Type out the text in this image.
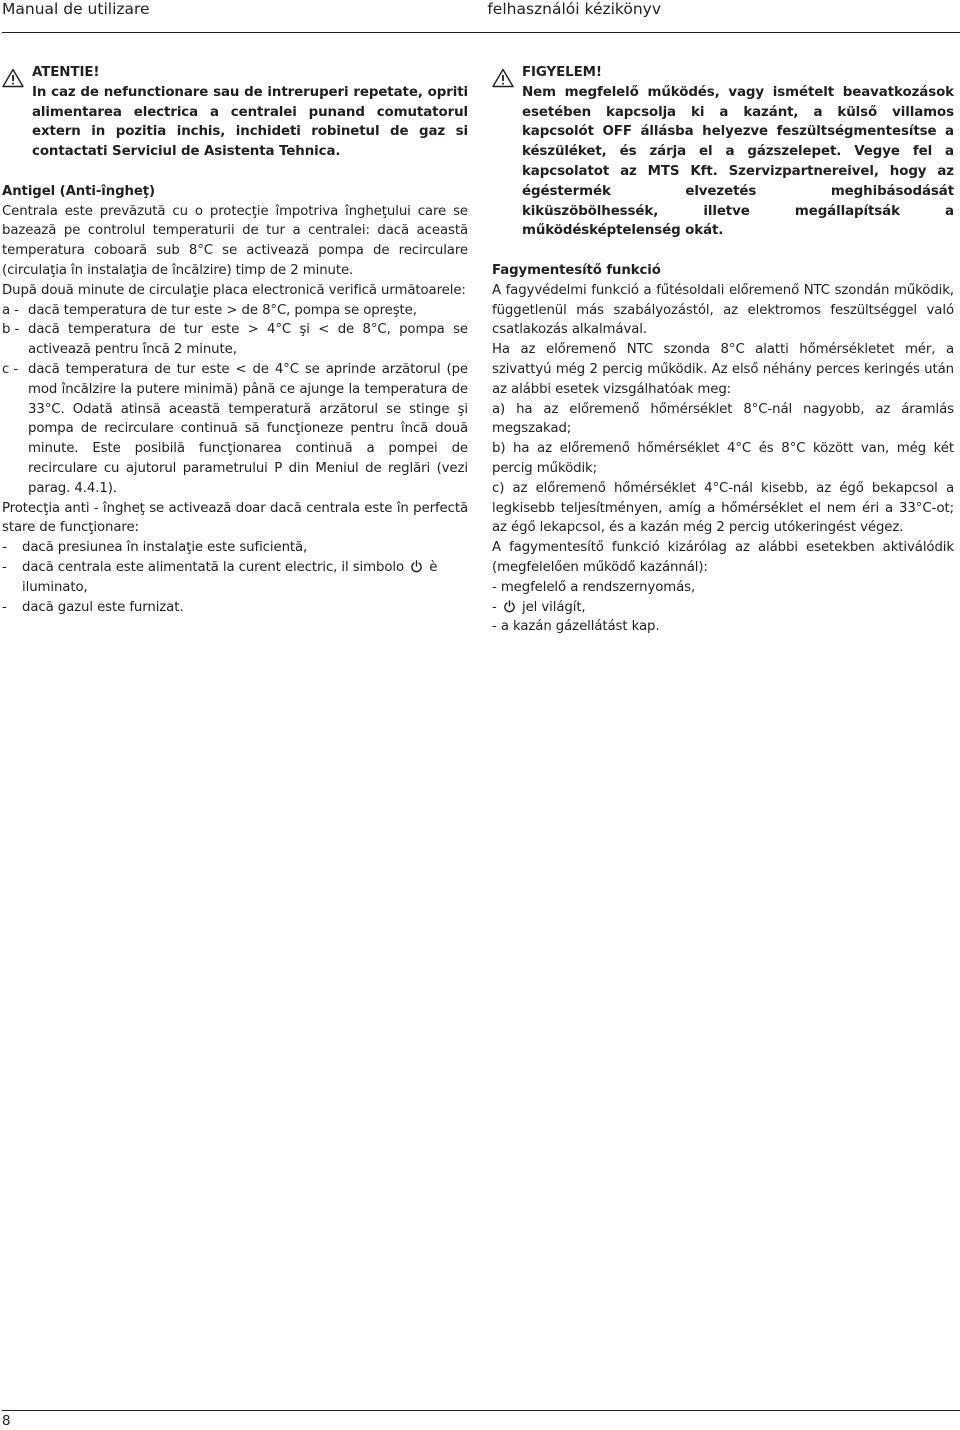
Manual de utilizare	felhasználói kézikönyv
ATENTIE!
In caz de nefunctionare sau de intreruperi repetate, opriti alimentarea electrica a centralei punand comutatorul extern in pozitia inchis, inchideti robinetul de gaz si contactati Serviciul de Asistenta Tehnica.
Antigel (Anti-îngheţ)

Centrala este prevăzută cu o protecţie împotriva îngheţului care se bazează pe controlul temperaturii de tur a centralei: dacă această temperatura coboară sub 8°C se activează pompa de recirculare (circulaţia în instalaţia de încălzire) timp de 2 minute.

După două minute de circulaţie placa electronică verifică următoarele:

a - dacă temperatura de tur este > de 8°C, pompa se opreşte,
b - dacă temperatura de tur este > 4°C şi < de 8°C, pompa se activează pentru încă 2 minute,
c - dacă temperatura de tur este < de 4°C se aprinde arzătorul (pe mod încălzire la putere minimă) până ce ajunge la temperatura de 33°C. Odată atinsă această temperatură arzătorul se stinge şi pompa de recirculare continuă să funcţioneze pentru încă două minute. Este posibilă funcţionarea continuă a pompei de recirculare cu ajutorul parametrului P din Meniul de reglări (vezi parag. 4.4.1).

Protecţia anti - îngheţ se activează doar dacă centrala este în perfectă stare de funcţionare:

- dacă presiunea în instalaţie este suficientă,
- dacă centrala este alimentată la curent electric, il simbolo è iluminato,
- dacă gazul este furnizat.
FIGYELEM!
Nem megfelelő működés, vagy ismételt beavatkozások esetében kapcsolja ki a kazánt, a külső villamos kapcsolót OFF állásba helyezve feszültségmentesítse a készüléket, és zárja el a gázszelepet. Vegye fel a kapcsolatot az MTS Kft. Szervizpartnereivel, hogy az égéstermék elvezetés meghibásodását kiküszöbölhessék, illetve megállapítsák a működésképtelenség okát.
Fagymentesítő funkció

A fagyvédelmi funkció a fűtésoldali előremenő NTC szondán működik, függetlenül más szabályozástól, az elektromos feszültséggel való csatlakozás alkalmával.

Ha az előremenő NTC szonda 8°C alatti hőmérsékletet mér, a szivattyú még 2 percig működik. Az első néhány perces keringés után az alábbi esetek vizsgálhatóak meg:

a) ha az előremenő hőmérséklet 8°C-nál nagyobb, az áramlás megszakad;

b) ha az előremenő hőmérséklet 4°C és 8°C között van, még két percig működik;

c) az előremenő hőmérséklet 4°C-nál kisebb, az égő bekapcsol a legkisebb teljesítményen, amíg a hőmérséklet el nem éri a 33°C-ot; az égő lekapcsol, és a kazán még 2 percig utókeringést végez.

A fagymentesítő funkció kizárólag az alábbi esetekben aktiválódik (megfelelően működő kazánnál):

- megfelelő a rendszernyomás,

- jel világít,

- a kazán gázellátást kap.

8
